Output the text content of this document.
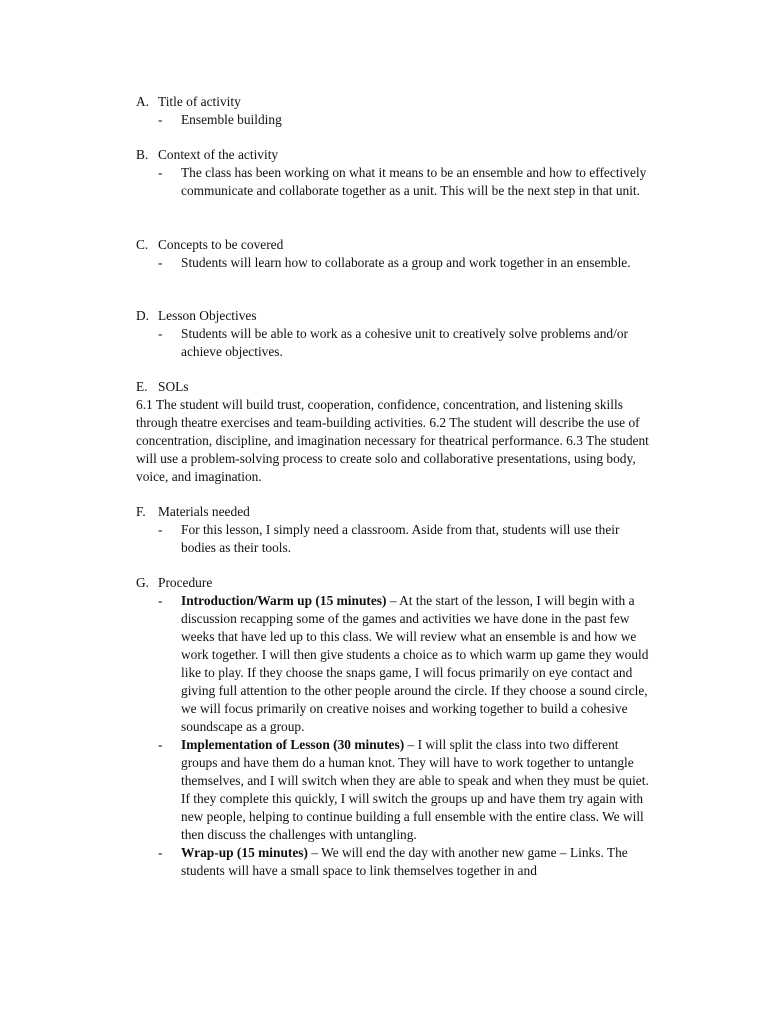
A. Title of activity
-	Ensemble building
B. Context of the activity
-	The class has been working on what it means to be an ensemble and how to effectively communicate and collaborate together as a unit. This will be the next step in that unit.
C. Concepts to be covered
-	Students will learn how to collaborate as a group and work together in an ensemble.
D. Lesson Objectives
-	Students will be able to work as a cohesive unit to creatively solve problems and/or achieve objectives.
E. SOLs
6.1 The student will build trust, cooperation, confidence, concentration, and listening skills through theatre exercises and team-building activities. 6.2 The student will describe the use of concentration, discipline, and imagination necessary for theatrical performance. 6.3 The student will use a problem-solving process to create solo and collaborative presentations, using body, voice, and imagination.
F. Materials needed
-	For this lesson, I simply need a classroom. Aside from that, students will use their bodies as their tools.
G. Procedure
-	Introduction/Warm up (15 minutes) – At the start of the lesson, I will begin with a discussion recapping some of the games and activities we have done in the past few weeks that have led up to this class. We will review what an ensemble is and how we work together. I will then give students a choice as to which warm up game they would like to play. If they choose the snaps game, I will focus primarily on eye contact and giving full attention to the other people around the circle. If they choose a sound circle, we will focus primarily on creative noises and working together to build a cohesive soundscape as a group.
-	Implementation of Lesson (30 minutes) – I will split the class into two different groups and have them do a human knot. They will have to work together to untangle themselves, and I will switch when they are able to speak and when they must be quiet. If they complete this quickly, I will switch the groups up and have them try again with new people, helping to continue building a full ensemble with the entire class. We will then discuss the challenges with untangling.
-	Wrap-up (15 minutes) – We will end the day with another new game – Links. The students will have a small space to link themselves together in and
